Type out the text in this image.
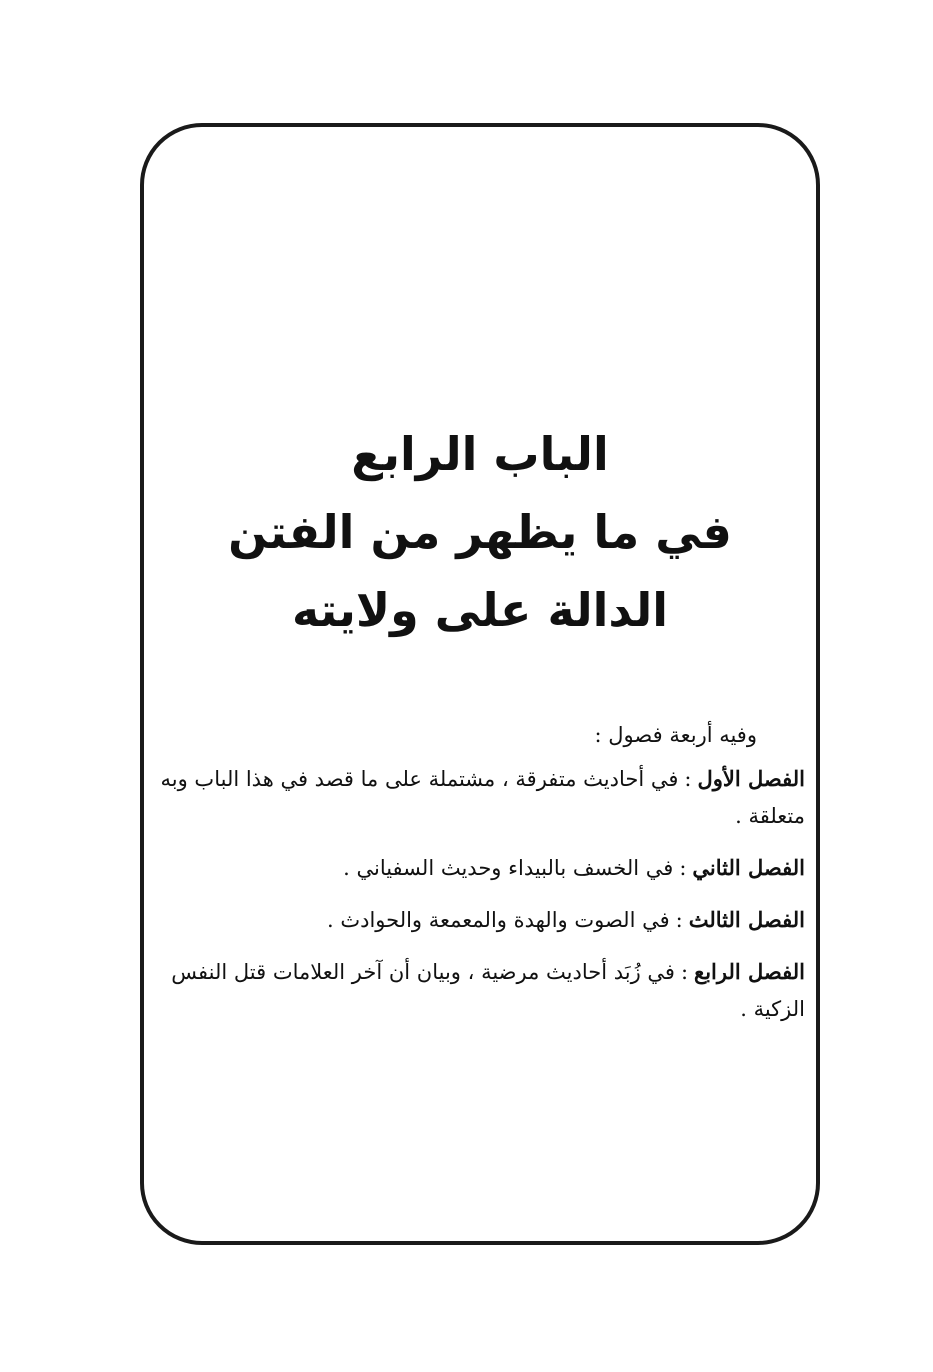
الباب الرابع
في ما يظهر من الفتن
الدالة على ولايته
وفيه أربعة فصول :
الفصل الأول:في أحاديث متفرقة ، مشتملة على ما قصد في هذا الباب وبه متعلقة .
الفصل الثاني:في الخسف بالبيداء وحديث السفياني .
الفصل الثالث:في الصوت والهدة والمعمعة والحوادث .
الفصل الرابع:في زُبَد أحاديث مرضية ، وبيان أن آخر العلامات قتل النفس الزكية .
